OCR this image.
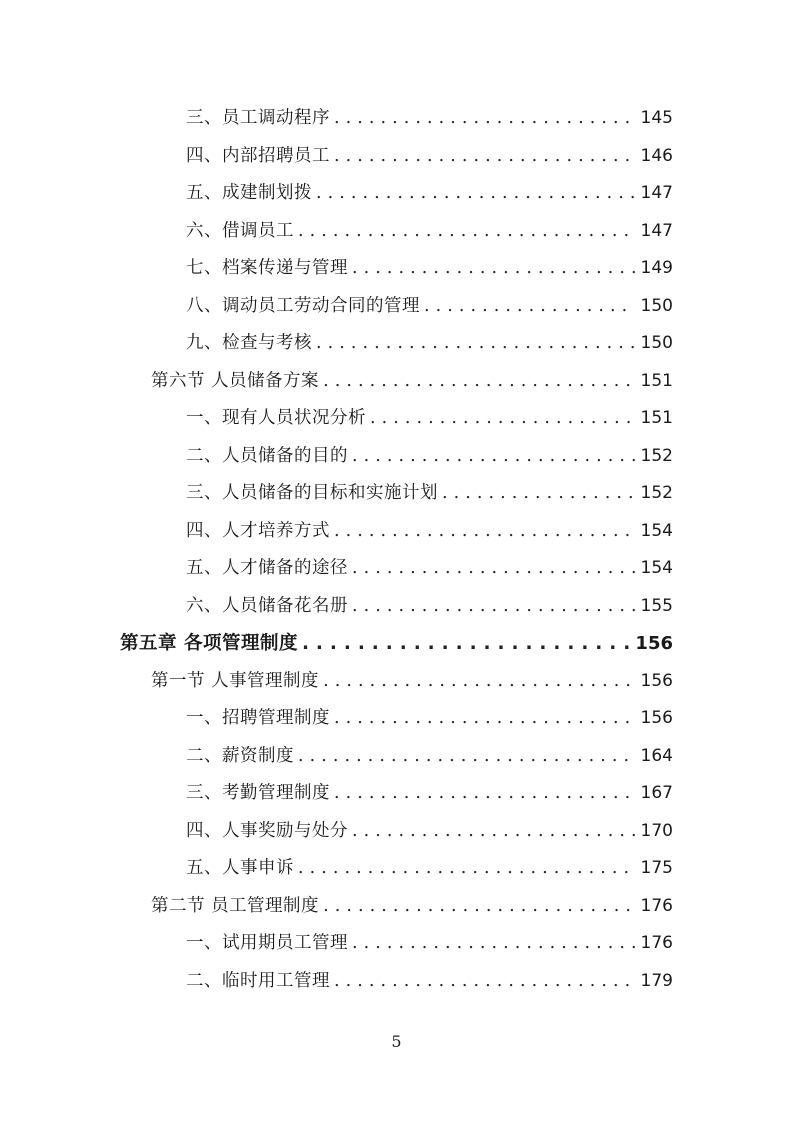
三、员工调动程序 . . .	145
四、内部招聘员工 . . .	146
五、成建制划拨 . . .	147
六、借调员工 . . .	147
七、档案传递与管理 . . .	149
八、调动员工劳动合同的管理 . . .	150
九、检查与考核 . . .	150
第六节 人员储备方案 . . .	151
一、现有人员状况分析 . . .	151
二、人员储备的目的 . . .	152
三、人员储备的目标和实施计划 . . .	152
四、人才培养方式 . . .	154
五、人才储备的途径 . . .	154
六、人员储备花名册 . . .	155
第五章 各项管理制度 . . .	156
第一节 人事管理制度 . . .	156
一、招聘管理制度 . . .	156
二、薪资制度 . . .	164
三、考勤管理制度 . . .	167
四、人事奖励与处分 . . .	170
五、人事申诉 . . .	175
第二节 员工管理制度 . . .	176
一、试用期员工管理 . . .	176
二、临时用工管理 . . .	179
5
